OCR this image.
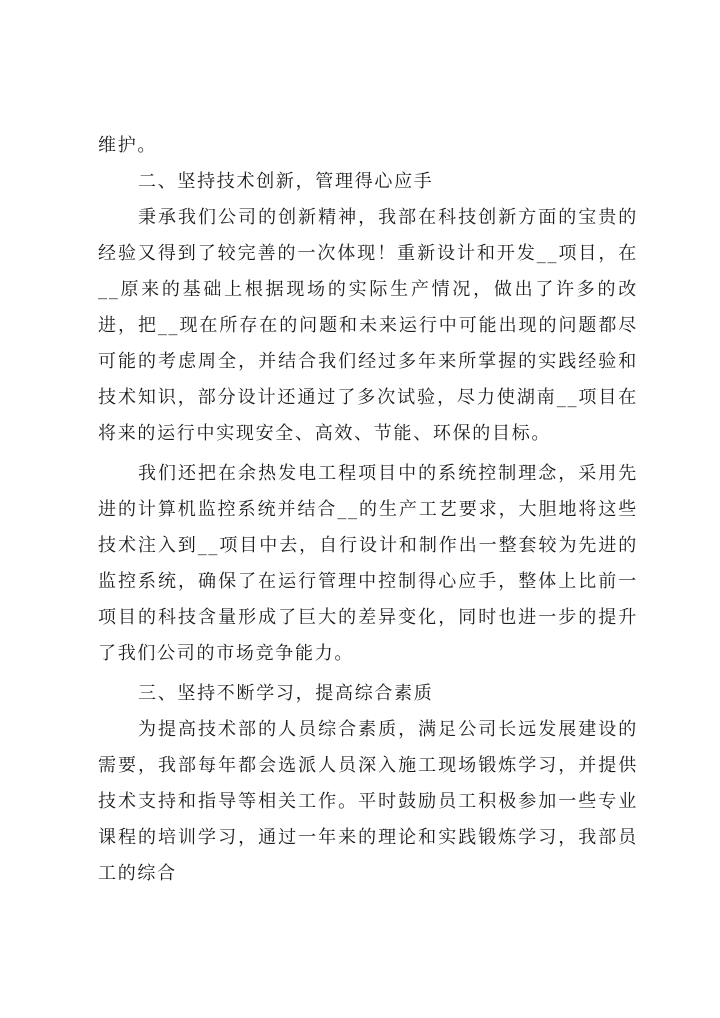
维护。

二、坚持技术创新，管理得心应手

秉承我们公司的创新精神，我部在科技创新方面的宝贵的经验又得到了较完善的一次体现！重新设计和开发__项目，在__原来的基础上根据现场的实际生产情况，做出了许多的改进，把__现在所存在的问题和未来运行中可能出现的问题都尽可能的考虑周全，并结合我们经过多年来所掌握的实践经验和技术知识，部分设计还通过了多次试验，尽力使湖南__项目在将来的运行中实现安全、高效、节能、环保的目标。

我们还把在余热发电工程项目中的系统控制理念，采用先进的计算机监控系统并结合__的生产工艺要求，大胆地将这些技术注入到__项目中去，自行设计和制作出一整套较为先进的监控系统，确保了在运行管理中控制得心应手，整体上比前一项目的科技含量形成了巨大的差异变化，同时也进一步的提升了我们公司的市场竞争能力。

三、坚持不断学习，提高综合素质

为提高技术部的人员综合素质，满足公司长远发展建设的需要，我部每年都会选派人员深入施工现场锻炼学习，并提供技术支持和指导等相关工作。平时鼓励员工积极参加一些专业课程的培训学习，通过一年来的理论和实践锻炼学习，我部员工的综合
